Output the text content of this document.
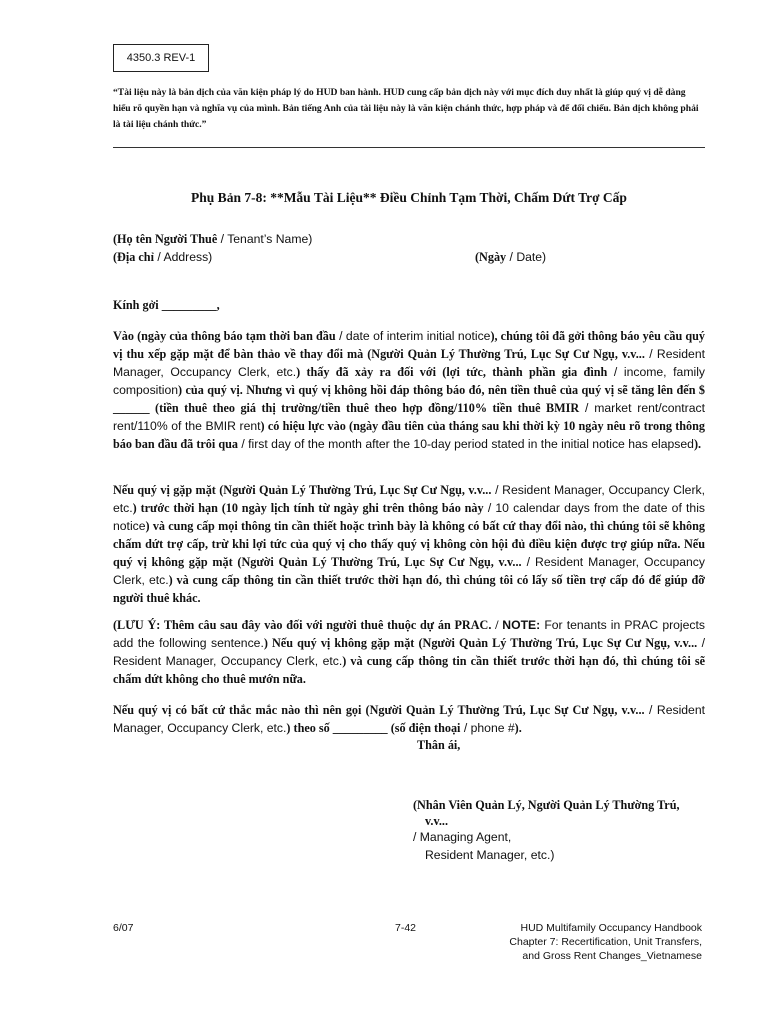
4350.3 REV-1
“Tài liệu này là bản dịch của văn kiện pháp lý do HUD ban hành. HUD cung cấp bản dịch này với mục đích duy nhất là giúp quý vị dễ dàng hiểu rõ quyền hạn và nghĩa vụ của mình. Bản tiếng Anh của tài liệu này là văn kiện chánh thức, hợp pháp và để đối chiếu. Bản dịch không phải là tài liệu chánh thức.”
Phụ Bản 7-8: **Mẫu Tài Liệu** Điều Chỉnh Tạm Thời, Chấm Dứt Trợ Cấp
(Họ tên Người Thuê / Tenant’s Name)
(Địa chỉ / Address)	(Ngày / Date)
Kính gởi _________,
Vào (ngày của thông báo tạm thời ban đầu / date of interim initial notice), chúng tôi đã gởi thông báo yêu cầu quý vị thu xếp gặp mặt để bàn thảo về thay đổi mà (Người Quản Lý Thường Trú, Lục Sự Cư Ngụ, v.v... / Resident Manager, Occupancy Clerk, etc.) thấy đã xảy ra đối với (lợi tức, thành phần gia đình / income, family composition) của quý vị. Nhưng vì quý vị không hồi đáp thông báo đó, nên tiền thuê của quý vị sẽ tăng lên đến $ ______ (tiền thuê theo giá thị trường/tiền thuê theo hợp đồng/110% tiền thuê BMIR / market rent/contract rent/110% of the BMIR rent) có hiệu lực vào (ngày đầu tiên của tháng sau khi thời kỳ 10 ngày nêu rõ trong thông báo ban đầu đã trôi qua / first day of the month after the 10-day period stated in the initial notice has elapsed).
Nếu quý vị gặp mặt (Người Quản Lý Thường Trú, Lục Sự Cư Ngụ, v.v... / Resident Manager, Occupancy Clerk, etc.) trước thời hạn (10 ngày lịch tính từ ngày ghi trên thông báo này / 10 calendar days from the date of this notice) và cung cấp mọi thông tin cần thiết hoặc trình bày là không có bất cứ thay đổi nào, thì chúng tôi sẽ không chấm dứt trợ cấp, trừ khi lợi tức của quý vị cho thấy quý vị không còn hội đủ điều kiện được trợ giúp nữa. Nếu quý vị không gặp mặt (Người Quản Lý Thường Trú, Lục Sự Cư Ngụ, v.v... / Resident Manager, Occupancy Clerk, etc.) và cung cấp thông tin cần thiết trước thời hạn đó, thì chúng tôi có lấy số tiền trợ cấp đó để giúp đỡ người thuê khác.
(LƯU Ý: Thêm câu sau đây vào đối với người thuê thuộc dự án PRAC. / NOTE: For tenants in PRAC projects add the following sentence.) Nếu quý vị không gặp mặt (Người Quản Lý Thường Trú, Lục Sự Cư Ngụ, v.v... / Resident Manager, Occupancy Clerk, etc.) và cung cấp thông tin cần thiết trước thời hạn đó, thì chúng tôi sẽ chấm dứt không cho thuê mướn nữa.
Nếu quý vị có bất cứ thắc mắc nào thì nên gọi (Người Quản Lý Thường Trú, Lục Sự Cư Ngụ, v.v... / Resident Manager, Occupancy Clerk, etc.) theo số _________ (số điện thoại / phone #).
Thân ái,
(Nhân Viên Quản Lý, Người Quản Lý Thường Trú,
v.v...
/ Managing Agent,
Resident Manager, etc.)
6/07	7-42	HUD Multifamily Occupancy Handbook
Chapter 7: Recertification, Unit Transfers,
and Gross Rent Changes_Vietnamese
